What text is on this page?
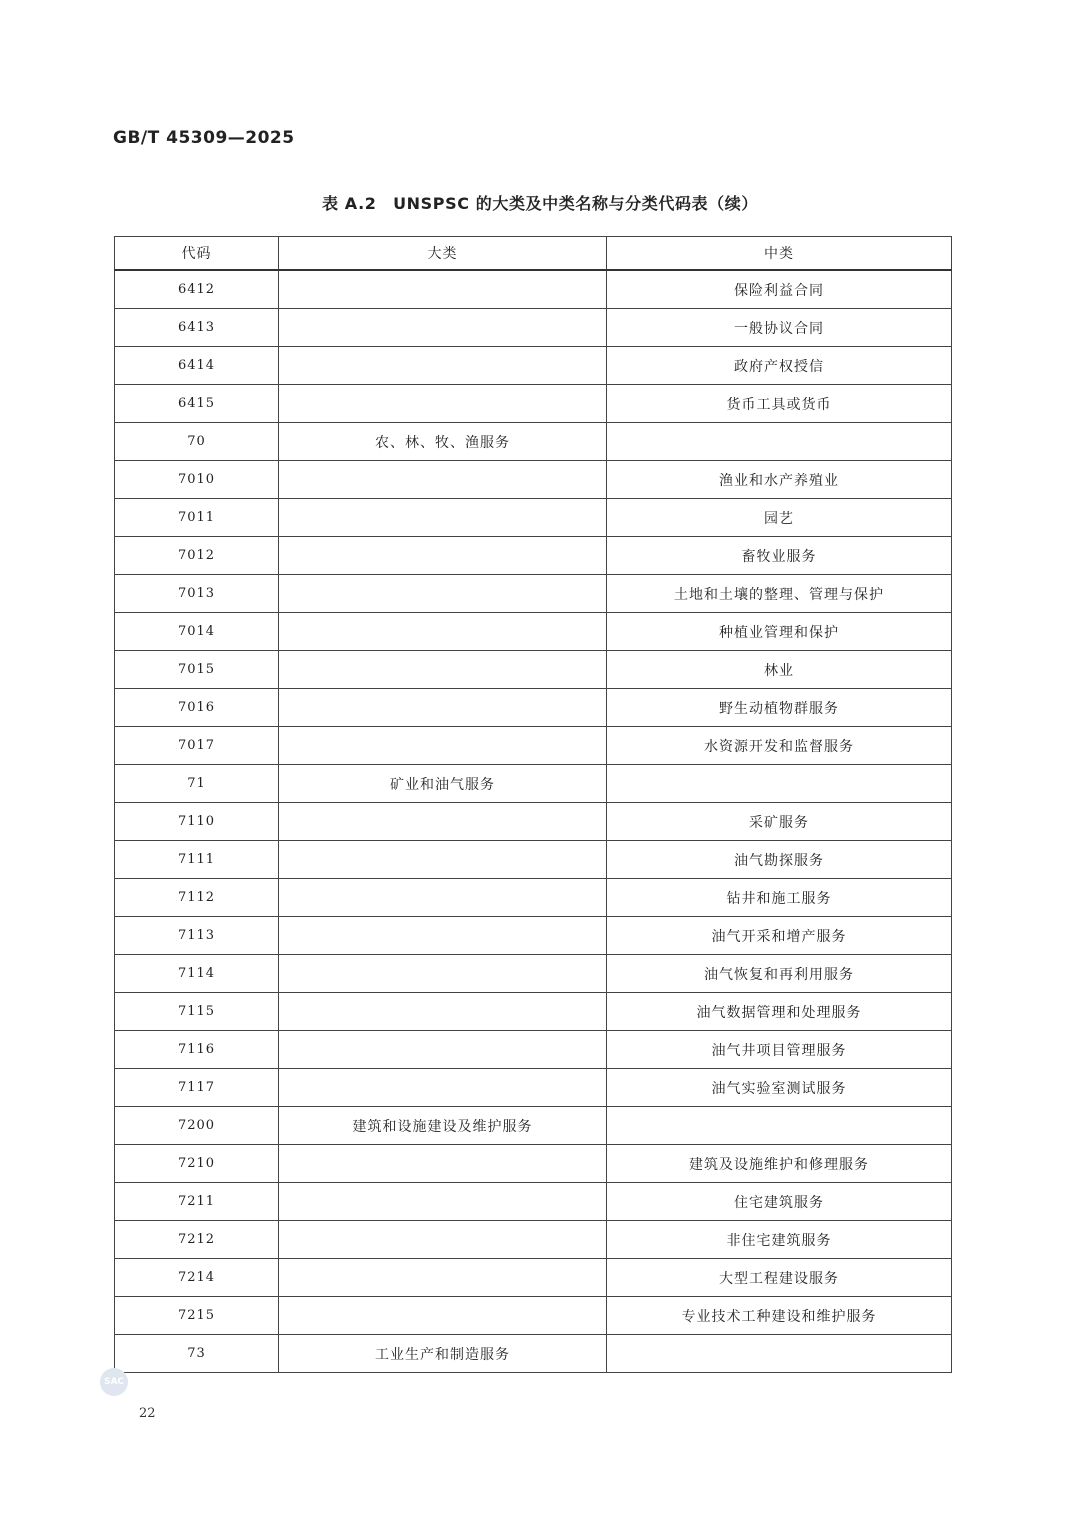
GB/T 45309—2025
表 A.2　UNSPSC 的大类及中类名称与分类代码表（续）
代码	大类	中类
6412		保险利益合同
6413		一般协议合同
6414		政府产权授信
6415		货币工具或货币
70	农、林、牧、渔服务	
7010		渔业和水产养殖业
7011		园艺
7012		畜牧业服务
7013		土地和土壤的整理、管理与保护
7014		种植业管理和保护
7015		林业
7016		野生动植物群服务
7017		水资源开发和监督服务
71	矿业和油气服务	
7110		采矿服务
7111		油气勘探服务
7112		钻井和施工服务
7113		油气开采和增产服务
7114		油气恢复和再利用服务
7115		油气数据管理和处理服务
7116		油气井项目管理服务
7117		油气实验室测试服务
7200	建筑和设施建设及维护服务	
7210		建筑及设施维护和修理服务
7211		住宅建筑服务
7212		非住宅建筑服务
7214		大型工程建设服务
7215		专业技术工种建设和维护服务
73	工业生产和制造服务	
SAC
22
